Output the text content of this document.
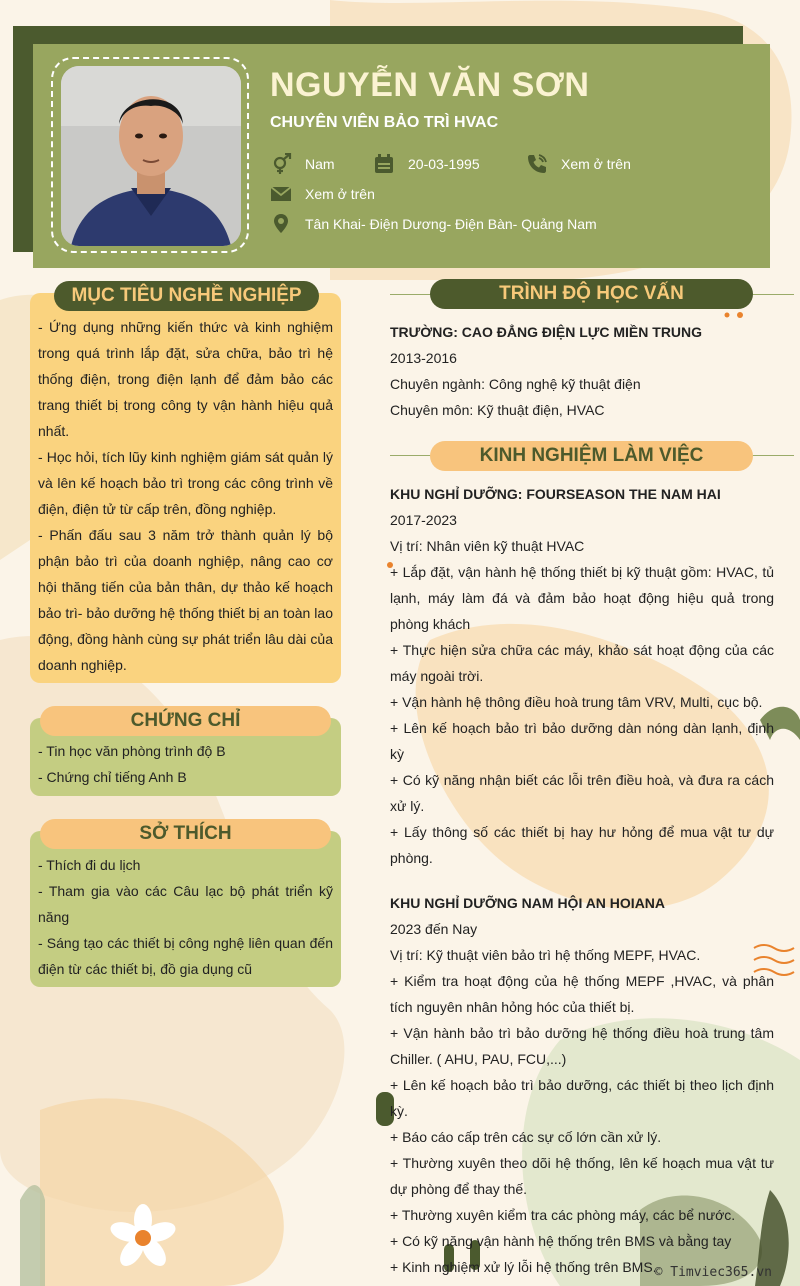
NGUYỄN VĂN SƠN
CHUYÊN VIÊN BẢO TRÌ HVAC
Nam	20-03-1995	Xem ở trên
Xem ở trên
Tân Khai- Điện Dương- Điện Bàn- Quảng Nam

- Ứng dụng những kiến thức và kinh nghiệm trong quá trình lắp đặt, sửa chữa, bảo trì hệ thống điện, trong điện lạnh để đảm bảo các trang thiết bị trong công ty vận hành hiệu quả nhất.

- Học hỏi, tích lũy kinh nghiệm giám sát quản lý và lên kế hoạch bảo trì trong các công trình về điện, điện tử từ cấp trên, đồng nghiệp.

- Phấn đấu sau 3 năm trở thành quản lý bộ phận bảo trì của doanh nghiệp, nâng cao cơ hội thăng tiến của bản thân, dự thảo kế hoạch bảo trì- bảo dưỡng hệ thống thiết bị an toàn lao động, đồng hành cùng sự phát triển lâu dài của doanh nghiệp.

MỤC TIÊU NGHỀ NGHIỆP

- Tin học văn phòng trình độ B

- Chứng chỉ tiếng Anh B

CHỨNG CHỈ

- Thích đi du lịch

- Tham gia vào các Câu lạc bộ phát triển kỹ năng

- Sáng tạo các thiết bị công nghệ liên quan đến điện từ các thiết bị, đồ gia dụng cũ

SỞ THÍCH
TRÌNH ĐỘ HỌC VẤN

TRƯỜNG: CAO ĐẲNG ĐIỆN LỰC MIỀN TRUNG

2013-2016

Chuyên ngành: Công nghệ kỹ thuật điện

Chuyên môn: Kỹ thuật điện, HVAC

KINH NGHIỆM LÀM VIỆC

KHU NGHỈ DƯỠNG: FOURSEASON THE NAM HAI

2017-2023

Vị trí: Nhân viên kỹ thuật HVAC

+ Lắp đặt, vận hành hệ thống thiết bị kỹ thuật gồm: HVAC, tủ lạnh, máy làm đá và đảm bảo hoạt động hiệu quả trong phòng khách

+ Thực hiện sửa chữa các máy, khảo sát hoạt động của các máy ngoài trời.

+ Vận hành hệ thông điều hoà trung tâm VRV, Multi, cục bộ.

+ Lên kế hoạch bảo trì bảo dưỡng dàn nóng dàn lạnh, định kỳ

+ Có kỹ năng nhận biết các lỗi trên điều hoà, và đưa ra cách xử lý.

+ Lấy thông số các thiết bị hay hư hỏng để mua vật tư dự phòng.

KHU NGHỈ DƯỠNG NAM HỘI AN HOIANA

2023 đến Nay

Vị trí: Kỹ thuật viên bảo trì hệ thống MEPF, HVAC.

+ Kiểm tra hoạt động của hệ thống MEPF ,HVAC, và phân tích nguyên nhân hỏng hóc của thiết bị.

+ Vận hành bảo trì bảo dưỡng hệ thống điều hoà trung tâm Chiller. ( AHU, PAU, FCU,...)

+ Lên kế hoạch bảo trì bảo dưỡng, các thiết bị theo lịch định kỳ.

+ Báo cáo cấp trên các sự cố lớn cần xử lý.

+ Thường xuyên theo dõi hệ thống, lên kế hoạch mua vật tư dự phòng để thay thế.

+ Thường xuyên kiểm tra các phòng máy, các bể nước.

+ Có kỹ năng vận hành hệ thống trên BMS và bằng tay

+ Kinh nghiệm xử lý lỗi hệ thống trên BMS.

© Timviec365.vn
